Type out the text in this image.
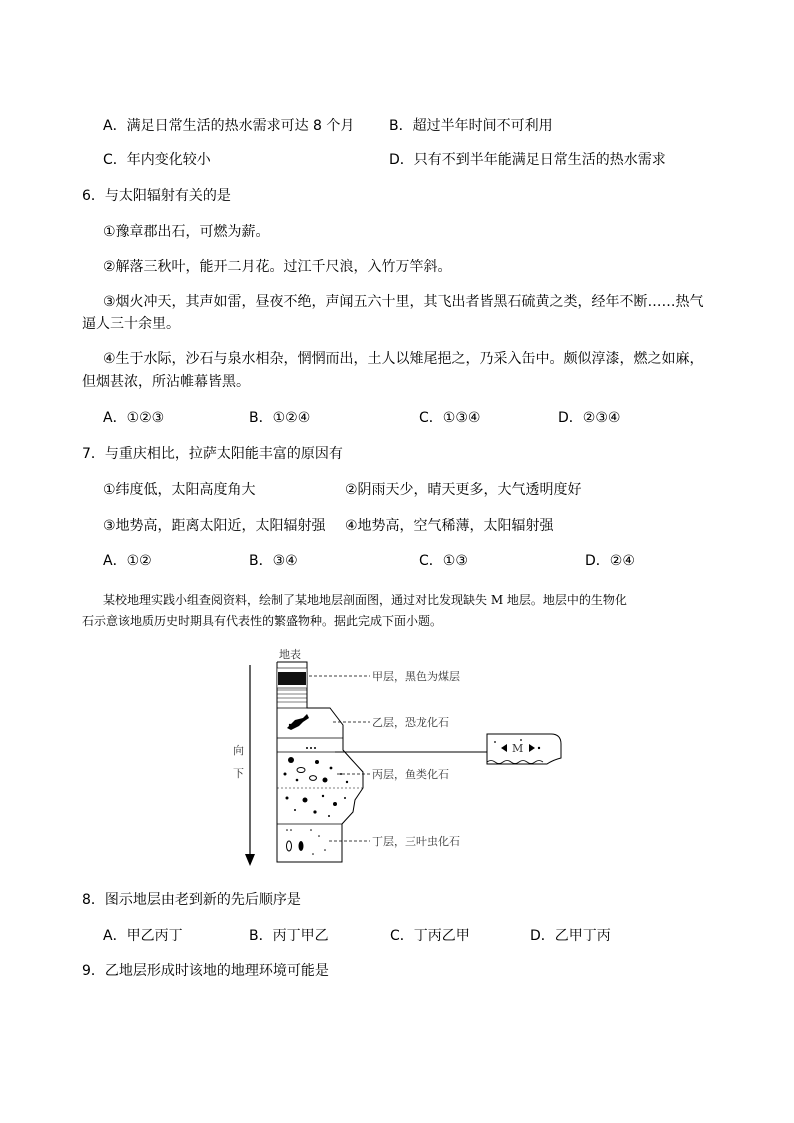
A．满足日常生活的热水需求可达 8 个月 B．超过半年时间不可利用
C．年内变化较小	D．只有不到半年能满足日常生活的热水需求
6．与太阳辐射有关的是
①豫章郡出石，可燃为薪。
②解落三秋叶，能开二月花。过江千尺浪，入竹万竿斜。
③烟火冲天，其声如雷，昼夜不绝，声闻五六十里，其飞出者皆黑石硫黄之类，经年不断……热气
逼人三十余里。
④生于水际，沙石与泉水相杂，惘惘而出，土人以雉尾挹之，乃采入缶中。颇似淳漆，燃之如麻，
但烟甚浓，所沾帷幕皆黑。
A．①②③	B．①②④	C．①③④	D．②③④
7．与重庆相比，拉萨太阳能丰富的原因有
①纬度低，太阳高度角大	②阴雨天少，晴天更多，大气透明度好
③地势高，距离太阳近，太阳辐射强 ④地势高，空气稀薄，太阳辐射强
A．①②	B．③④	C．①③	D．②④
某校地理实践小组查阅资料，绘制了某地地层剖面图，通过对比发现缺失 M 地层。地层中的生物化
石示意该地质历史时期具有代表性的繁盛物种。据此完成下面小题。
地表
向
下
甲层，黑色为煤层
乙层，恐龙化石
丙层，鱼类化石
丁层，三叶虫化石
M
8．图示地层由老到新的先后顺序是
A．甲乙丙丁	B．丙丁甲乙	C．丁丙乙甲	D．乙甲丁丙
9．乙地层形成时该地的地理环境可能是
